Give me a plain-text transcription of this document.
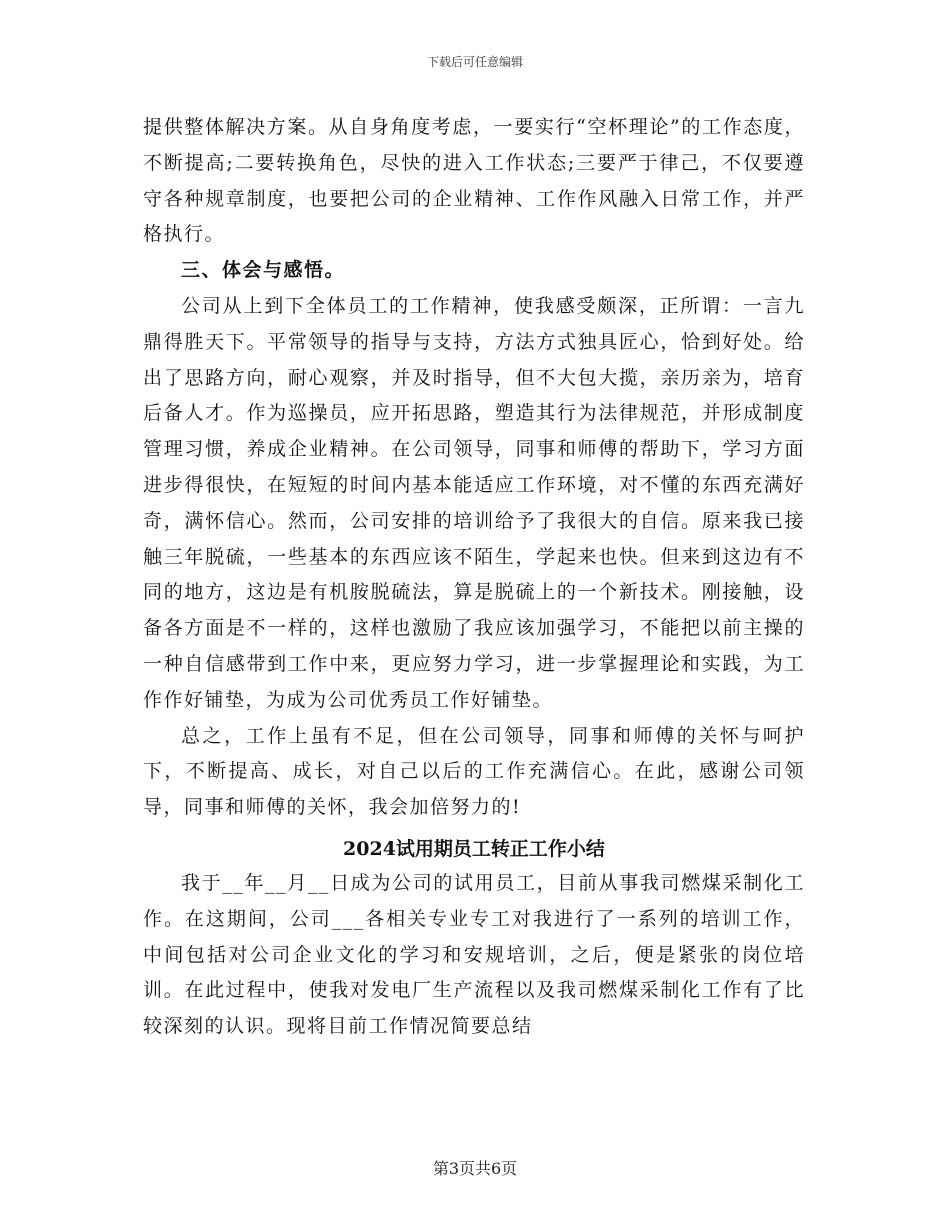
下载后可任意编辑

提供整体解决方案。从自身角度考虑，一要实行“空杯理论”的工作态度，不断提高;二要转换角色，尽快的进入工作状态;三要严于律己，不仅要遵守各种规章制度，也要把公司的企业精神、工作作风融入日常工作，并严格执行。

三、体会与感悟。

公司从上到下全体员工的工作精神，使我感受颇深，正所谓：一言九鼎得胜天下。平常领导的指导与支持，方法方式独具匠心，恰到好处。给出了思路方向，耐心观察，并及时指导，但不大包大揽，亲历亲为，培育后备人才。作为巡操员，应开拓思路，塑造其行为法律规范，并形成制度管理习惯，养成企业精神。在公司领导，同事和师傅的帮助下，学习方面进步得很快，在短短的时间内基本能适应工作环境，对不懂的东西充满好奇，满怀信心。然而，公司安排的培训给予了我很大的自信。原来我已接触三年脱硫，一些基本的东西应该不陌生，学起来也快。但来到这边有不同的地方，这边是有机胺脱硫法，算是脱硫上的一个新技术。刚接触，设备各方面是不一样的，这样也激励了我应该加强学习，不能把以前主操的一种自信感带到工作中来，更应努力学习，进一步掌握理论和实践，为工作作好铺垫，为成为公司优秀员工作好铺垫。

总之，工作上虽有不足，但在公司领导，同事和师傅的关怀与呵护下，不断提高、成长，对自己以后的工作充满信心。在此，感谢公司领导，同事和师傅的关怀，我会加倍努力的!

2024试用期员工转正工作小结

我于__年__月__日成为公司的试用员工，目前从事我司燃煤采制化工作。在这期间，公司___各相关专业专工对我进行了一系列的培训工作，中间包括对公司企业文化的学习和安规培训，之后，便是紧张的岗位培训。在此过程中，使我对发电厂生产流程以及我司燃煤采制化工作有了比较深刻的认识。现将目前工作情况简要总结

第3页共6页
